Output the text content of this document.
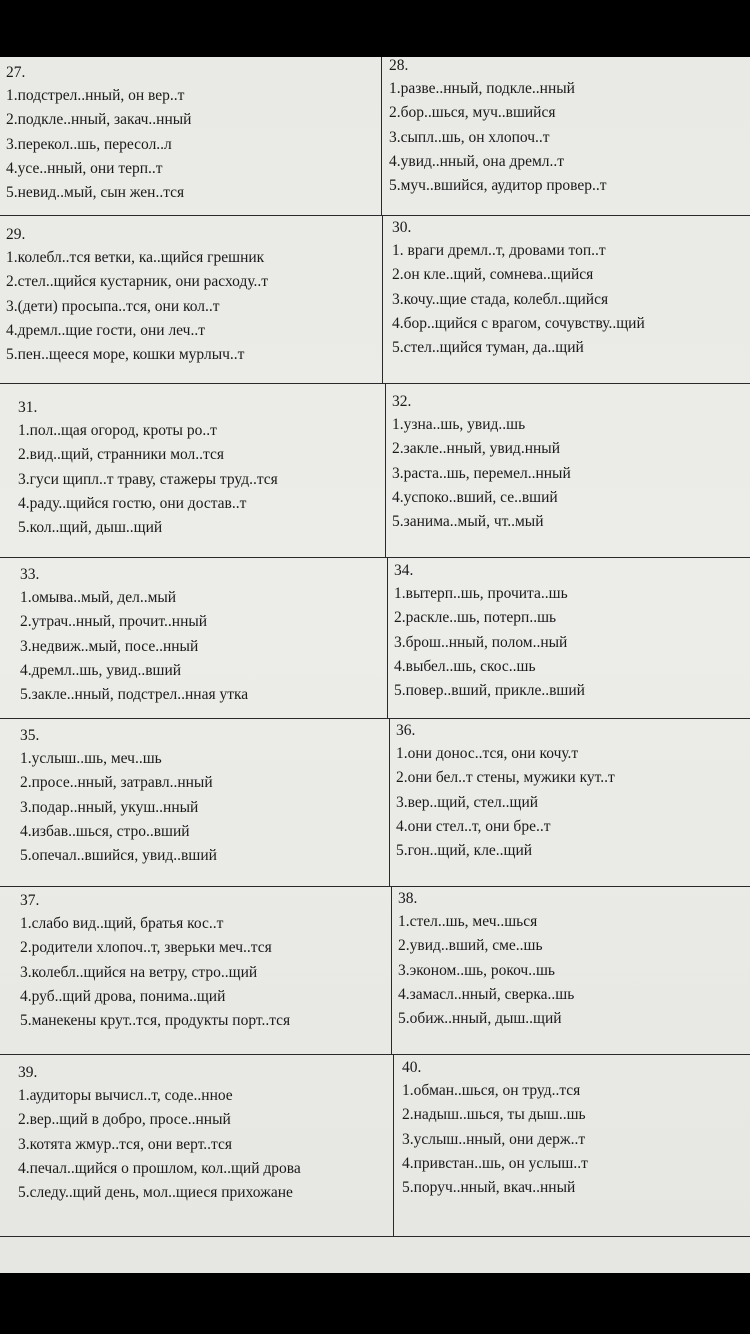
27.
1.подстрел..нный, он вер..т
2.подкле..нный, закач..нный
3.перекол..шь, пересол..л
4.усе..нный, они терп..т
5.невид..мый, сын жен..тся
28.
1.разве..нный, подкле..нный
2.бор..шься, муч..вшийся
3.сыпл..шь, он хлопоч..т
4.увид..нный, она дремл..т
5.муч..вшийся, аудитор провер..т
29.
1.колебл..тся ветки, ка..щийся грешник
2.стел..щийся кустарник, они расходу..т
3.(дети) просыпа..тся, они кол..т
4.дремл..щие гости, они леч..т
5.пен..щееся море, кошки мурлыч..т
30.
1. враги дремл..т, дровами топ..т
2.он кле..щий, сомнева..щийся
3.кочу..щие стада, колебл..щийся
4.бор..щийся с врагом, сочувству..щий
5.стел..щийся туман, да..щий
31.
1.пол..щая огород, кроты ро..т
2.вид..щий, странники мол..тся
3.гуси щипл..т траву, стажеры труд..тся
4.раду..щийся гостю, они достав..т
5.кол..щий, дыш..щий
32.
1.узна..шь, увид..шь
2.закле..нный, увид.нный
3.раста..шь, перемел..нный
4.успоко..вший, се..вший
5.занима..мый, чт..мый
33.
1.омыва..мый, дел..мый
2.утрач..нный, прочит..нный
3.недвиж..мый, посе..нный
4.дремл..шь, увид..вший
5.закле..нный, подстрел..нная утка
34.
1.вытерп..шь, прочита..шь
2.раскле..шь, потерп..шь
3.брош..нный, полом..ный
4.выбел..шь, скос..шь
5.повер..вший, прикле..вший
35.
1.услыш..шь, меч..шь
2.просе..нный, затравл..нный
3.подар..нный, укуш..нный
4.избав..шься, стро..вший
5.опечал..вшийся, увид..вший
36.
1.они донос..тся, они кочу.т
2.они бел..т стены, мужики кут..т
3.вер..щий, стел..щий
4.они стел..т, они бре..т
5.гон..щий, кле..щий
37.
1.слабо вид..щий, братья кос..т
2.родители хлопоч..т, зверьки меч..тся
3.колебл..щийся на ветру, стро..щий
4.руб..щий дрова, понима..щий
5.манекены крут..тся, продукты порт..тся
38.
1.стел..шь, меч..шься
2.увид..вший, сме..шь
3.эконом..шь, рокоч..шь
4.замасл..нный, сверка..шь
5.обиж..нный, дыш..щий
39.
1.аудиторы вычисл..т, соде..нное
2.вер..щий в добро, просе..нный
3.котята жмур..тся, они верт..тся
4.печал..щийся о прошлом, кол..щий дрова
5.следу..щий день, мол..щиеся прихожане
40.
1.обман..шься, он труд..тся
2.надыш..шься, ты дыш..шь
3.услыш..нный, они держ..т
4.привстан..шь, он услыш..т
5.поруч..нный, вкач..нный
